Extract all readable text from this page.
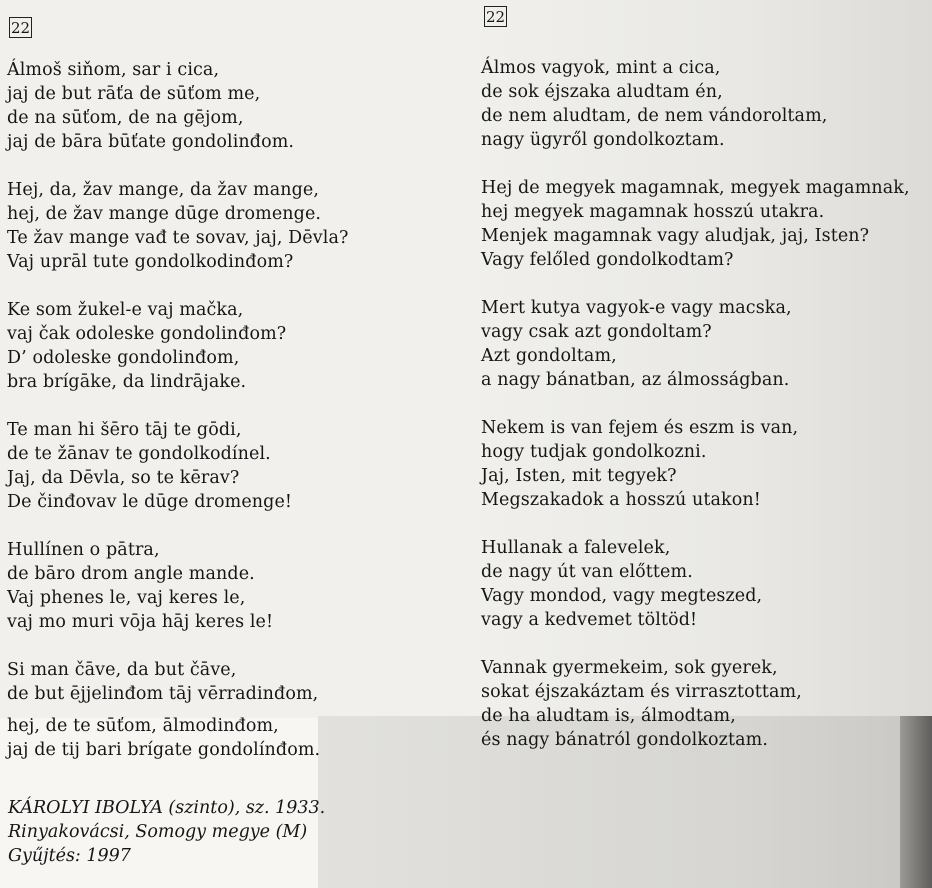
22
22
Álmoš siňom, sar i cica,
jaj de but rāťa de sūťom me,
de na sūťom, de na gējom,
jaj de bāra būťate gondolinđom.
Hej, da, žav mange, da žav mange,
hej, de žav mange dūge dromenge.
Te žav mange vađ te sovav, jaj, Dēvla?
Vaj uprāl tute gondolkodinđom?
Ke som žukel-e vaj mačka,
vaj čak odoleske gondolinđom?
D’ odoleske gondolinđom,
bra brígāke, da lindrājake.
Te man hi šēro tāj te gōdi,
de te žānav te gondolkodínel.
Jaj, da Dēvla, so te kērav?
De činđovav le dūge dromenge!
Hullínen o pātra,
de bāro drom angle mande.
Vaj phenes le, vaj keres le,
vaj mo muri vōja hāj keres le!
Si man čāve, da but čāve,
de but ējjelinđom tāj vērradinđom,
hej, de te sūťom, ālmodinđom,
jaj de tij bari brígate gondolínđom.
Álmos vagyok, mint a cica,
de sok éjszaka aludtam én,
de nem aludtam, de nem vándoroltam,
nagy ügyről gondolkoztam.
Hej de megyek magamnak, megyek magamnak,
hej megyek magamnak hosszú utakra.
Menjek magamnak vagy aludjak, jaj, Isten?
Vagy felőled gondolkodtam?
Mert kutya vagyok-e vagy macska,
vagy csak azt gondoltam?
Azt gondoltam,
a nagy bánatban, az álmosságban.
Nekem is van fejem és eszm is van,
hogy tudjak gondolkozni.
Jaj, Isten, mit tegyek?
Megszakadok a hosszú utakon!
Hullanak a falevelek,
de nagy út van előttem.
Vagy mondod, vagy megteszed,
vagy a kedvemet töltöd!
Vannak gyermekeim, sok gyerek,
sokat éjszakáztam és virrasztottam,
de ha aludtam is, álmodtam,
és nagy bánatról gondolkoztam.
KÁROLYI IBOLYA (szinto), sz. 1933.
Rinyakovácsi, Somogy megye (M)
Gyűjtés: 1997
